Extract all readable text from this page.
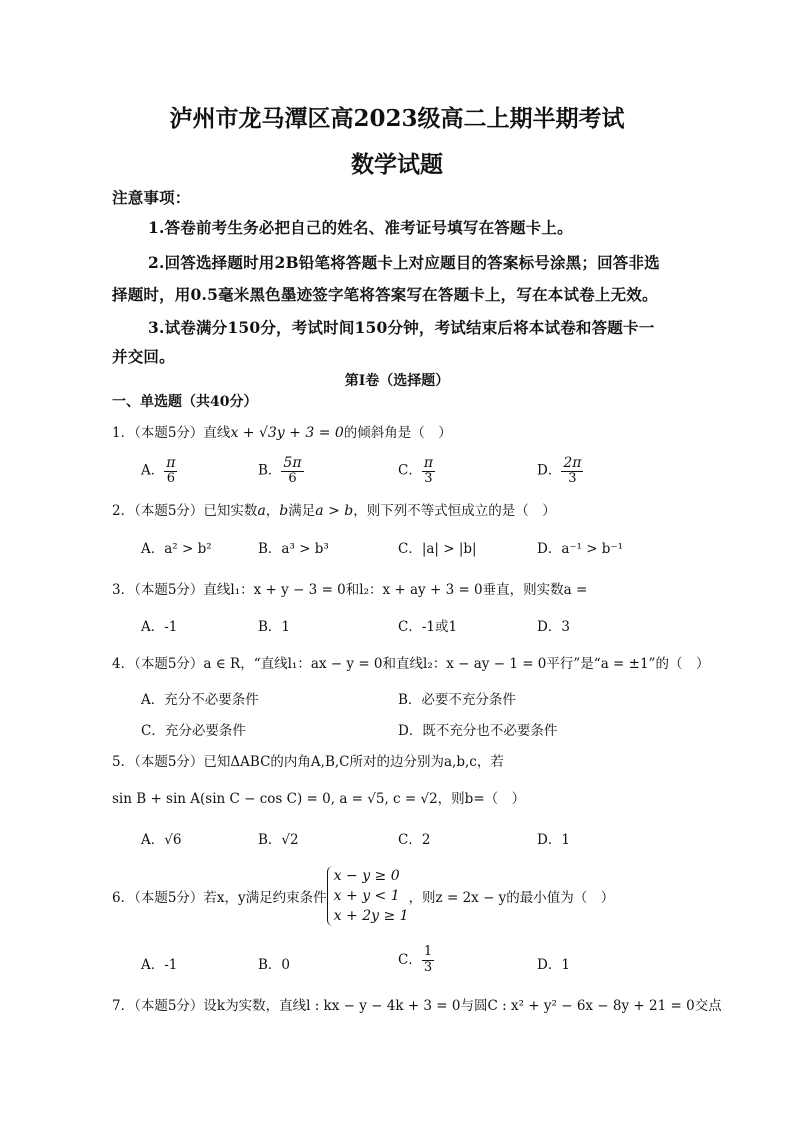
泸州市龙马潭区高2023级高二上期半期考试
数学试题
注意事项：
1.答卷前考生务必把自己的姓名、准考证号填写在答题卡上。
2.回答选择题时用2B铅笔将答题卡上对应题目的答案标号涂黑；回答非选
择题时，用0.5毫米黑色墨迹签字笔将答案写在答题卡上，写在本试卷上无效。
3.试卷满分150分，考试时间150分钟，考试结束后将本试卷和答题卡一
并交回。
第Ⅰ卷（选择题）
一、单选题（共40分）
1．（本题5分）直线x + √3y + 3 = 0的倾斜角是（　）
A． $\frac{\pi}{6}$	B． $\frac{5\pi}{6}$	C． $\frac{\pi}{3}$	D． $\frac{2\pi}{3}$
2．（本题5分）已知实数a，b满足a > b，则下列不等式恒成立的是（　）
A．a² > b²	B．a³ > b³	C．|a| > |b|	D．a⁻¹ > b⁻¹
3．（本题5分）直线l₁：x + y − 3 = 0和l₂：x + ay + 3 = 0垂直，则实数a =
A．-1	B．1	C．-1或1	D．3
4．（本题5分）a ∈ R，“直线l₁：ax − y = 0和直线l₂：x − ay − 1 = 0平行”是“a = ±1”的（　）
A．充分不必要条件	B．必要不充分条件
C．充分必要条件	D．既不充分也不必要条件
5．（本题5分）已知ΔABC的内角A,B,C所对的边分别为a,b,c，若
sin B + sin A(sin C − cos C) = 0, a = √5, c = √2，则b=（　）
A．√6	B．√2	C．2	D．1
6．（本题5分）若x，y满足约束条件
x − y ≥ 0
x + y < 1
x + 2y ≥ 1
，则z = 2x − y的最小值为（　）
A．-1	B．0	C． $\frac{1}{3}$	D．1
7．（本题5分）设k为实数，直线l : kx − y − 4k + 3 = 0与圆C : x² + y² − 6x − 8y + 21 = 0交点
